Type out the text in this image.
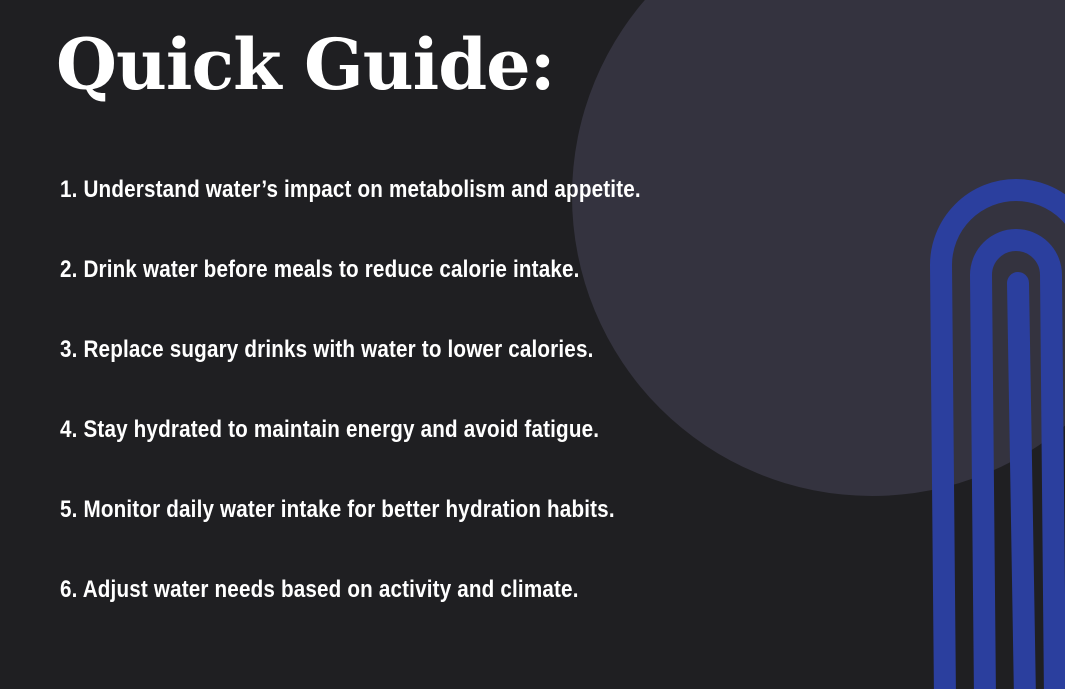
Quick Guide:
1. Understand water’s impact on metabolism and appetite.
2. Drink water before meals to reduce calorie intake.
3. Replace sugary drinks with water to lower calories.
4. Stay hydrated to maintain energy and avoid fatigue.
5. Monitor daily water intake for better hydration habits.
6. Adjust water needs based on activity and climate.
